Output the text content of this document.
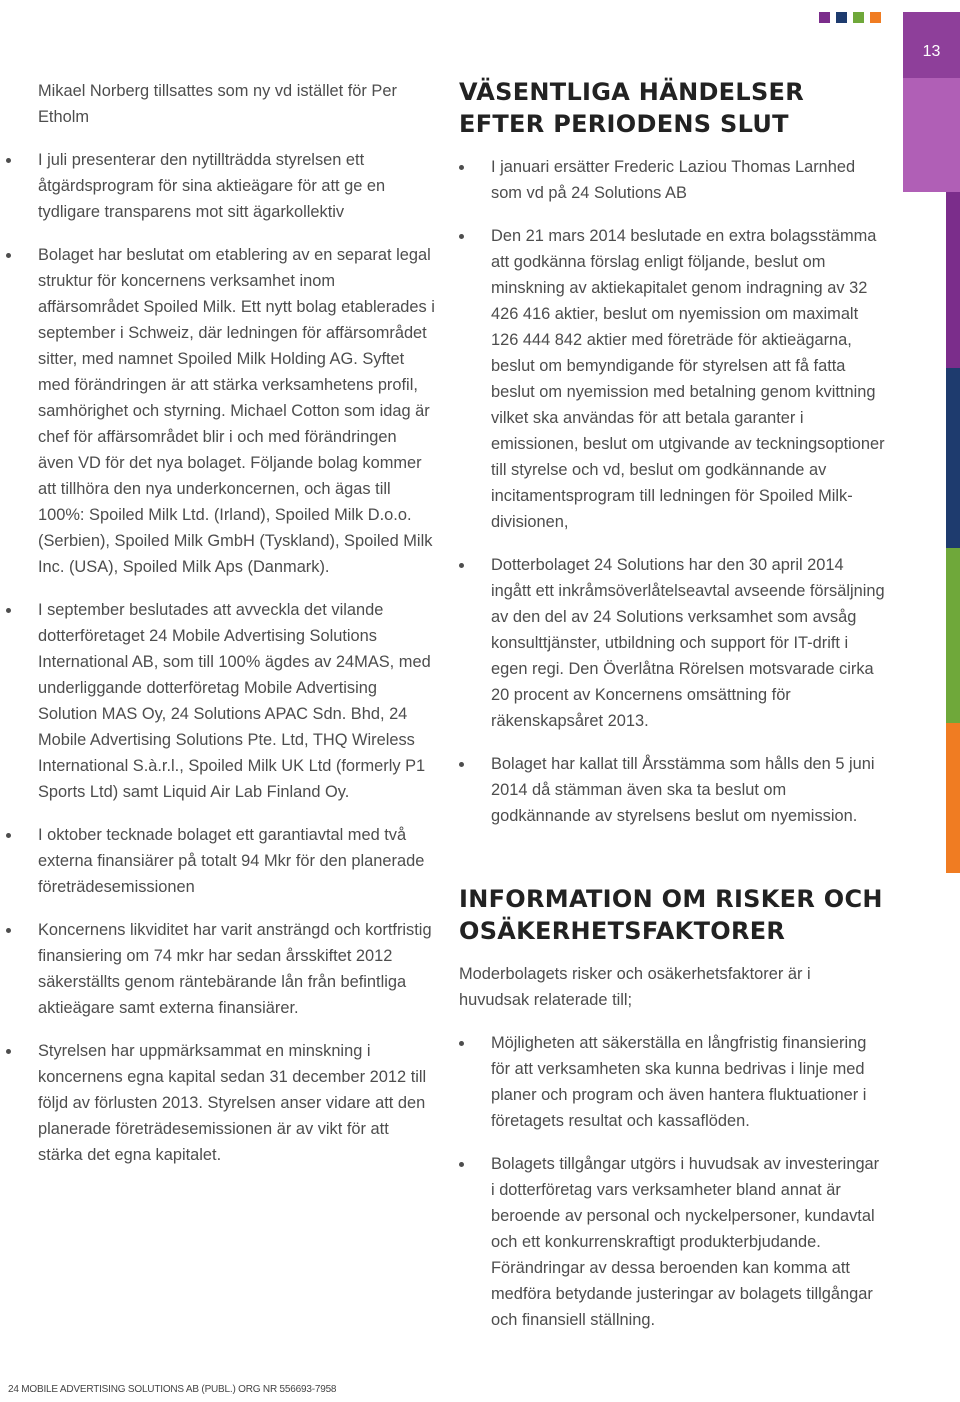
13

Mikael Norberg tillsattes som ny vd istället för Per Etholm

I juli presenterar den nytillträdda styrelsen ett åtgärdsprogram för sina aktieägare för att ge en tydligare transparens mot sitt ägarkollektiv
Bolaget har beslutat om etablering av en separat legal struktur för koncernens verksamhet inom affärsområdet Spoiled Milk. Ett nytt bolag etablerades i september i Schweiz, där ledningen för affärsområdet sitter, med namnet Spoiled Milk Holding AG. Syftet med förändringen är att stärka verksamhetens profil, samhörighet och styrning. Michael Cotton som idag är chef för affärsområdet blir i och med förändringen även VD för det nya bolaget. Följande bolag kommer att tillhöra den nya underkoncernen, och ägas till 100%: Spoiled Milk Ltd. (Irland), Spoiled Milk D.o.o. (Serbien), Spoiled Milk GmbH (Tyskland), Spoiled Milk Inc. (USA), Spoiled Milk Aps (Danmark).
I september beslutades att avveckla det vilande dotterföretaget 24 Mobile Advertising Solutions International AB, som till 100% ägdes av 24MAS, med underliggande dotterföretag Mobile Advertising Solution MAS Oy, 24 Solutions APAC Sdn. Bhd, 24 Mobile Advertising Solutions Pte. Ltd, THQ Wireless International S.à.r.l., Spoiled Milk UK Ltd (formerly P1 Sports Ltd) samt Liquid Air Lab Finland Oy.
I oktober tecknade bolaget ett garantiavtal med två externa finansiärer på totalt 94 Mkr för den planerade företrädesemissionen
Koncernens likviditet har varit ansträngd och kortfristig finansiering om 74 mkr har sedan årsskiftet 2012 säkerställts genom räntebärande lån från befintliga aktieägare samt externa finansiärer.
Styrelsen har uppmärksammat en minskning i koncernens egna kapital sedan 31 december 2012 till följd av förlusten 2013. Styrelsen anser vidare att den planerade företrädesemissionen är av vikt för att stärka det egna kapitalet.
VÄSENTLIGA HÄNDELSER
EFTER PERIODENS SLUT
I januari ersätter Frederic Laziou Thomas Larnhed som vd på 24 Solutions AB
Den 21 mars 2014 beslutade en extra bolagsstämma att godkänna förslag enligt följande, beslut om minskning av aktiekapitalet genom indragning av 32 426 416 aktier, beslut om nyemission om maximalt 126 444 842 aktier med företräde för aktieägarna, beslut om bemyndigande för styrelsen att få fatta beslut om nyemission med betalning genom kvittning vilket ska användas för att betala garanter i emissionen, beslut om utgivande av teckningsoptioner till styrelse och vd, beslut om godkännande av incitamentsprogram till ledningen för Spoiled Milk-divisionen,
Dotterbolaget 24 Solutions har den 30 april 2014 ingått ett inkråmsöverlåtelseavtal avseende försäljning av den del av 24 Solutions verksamhet som avsåg konsulttjänster, utbildning och support för IT-drift i egen regi. Den Överlåtna Rörelsen motsvarade cirka 20 procent av Koncernens omsättning för räkenskapsåret 2013.
Bolaget har kallat till Årsstämma som hålls den 5 juni 2014 då stämman även ska ta beslut om godkännande av styrelsens beslut om nyemission.
INFORMATION OM RISKER OCH
OSÄKERHETSFAKTORER

Moderbolagets risker och osäkerhetsfaktorer är i huvudsak relaterade till;

Möjligheten att säkerställa en långfristig finansiering för att verksamheten ska kunna bedrivas i linje med planer och program och även hantera fluktuationer i företagets resultat och kassaflöden.
Bolagets tillgångar utgörs i huvudsak av investeringar i dotterföretag vars verksamheter bland annat är beroende av personal och nyckelpersoner, kundavtal och ett konkurrenskraftigt produkterbjudande. Förändringar av dessa beroenden kan komma att medföra betydande justeringar av bolagets tillgångar och finansiell ställning.
24 MOBILE ADVERTISING SOLUTIONS AB (PUBL.) ORG NR 556693-7958
